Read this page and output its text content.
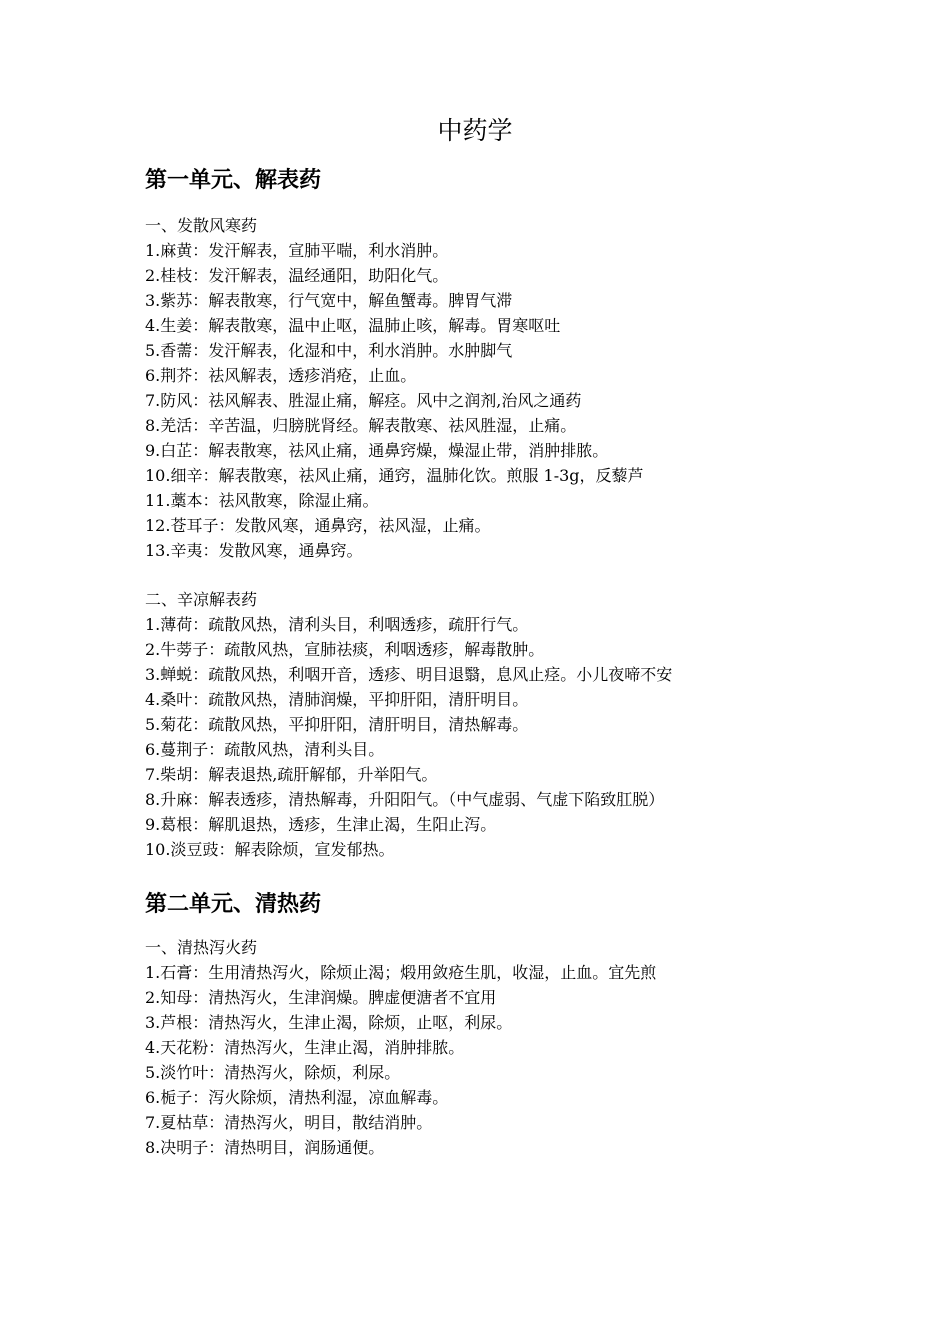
中药学
第一单元、解表药
一、发散风寒药
1.麻黄：发汗解表，宣肺平喘，利水消肿。
2.桂枝：发汗解表，温经通阳，助阳化气。
3.紫苏：解表散寒，行气宽中，解鱼蟹毒。脾胃气滞
4.生姜：解表散寒，温中止呕，温肺止咳，解毒。胃寒呕吐
5.香薷：发汗解表，化湿和中，利水消肿。水肿脚气
6.荆芥：祛风解表，透疹消疮，止血。
7.防风：祛风解表、胜湿止痛，解痉。风中之润剂,治风之通药
8.羌活：辛苦温，归膀胱肾经。解表散寒、祛风胜湿，止痛。
9.白芷：解表散寒，祛风止痛，通鼻窍燥，燥湿止带，消肿排脓。
10.细辛：解表散寒，祛风止痛，通窍，温肺化饮。煎服 1-3g，反藜芦
11.藁本：祛风散寒，除湿止痛。
12.苍耳子：发散风寒，通鼻窍，祛风湿，止痛。
13.辛夷：发散风寒，通鼻窍。
二、辛凉解表药
1.薄荷：疏散风热，清利头目，利咽透疹，疏肝行气。
2.牛蒡子：疏散风热，宣肺祛痰，利咽透疹，解毒散肿。
3.蝉蜕：疏散风热，利咽开音，透疹、明目退翳，息风止痉。小儿夜啼不安
4.桑叶：疏散风热，清肺润燥，平抑肝阳，清肝明目。
5.菊花：疏散风热，平抑肝阳，清肝明目，清热解毒。
6.蔓荆子：疏散风热，清利头目。
7.柴胡：解表退热,疏肝解郁，升举阳气。
8.升麻：解表透疹，清热解毒，升阳阳气。（中气虚弱、气虚下陷致肛脱）
9.葛根：解肌退热，透疹，生津止渴，生阳止泻。
10.淡豆豉：解表除烦，宣发郁热。
第二单元、清热药
一、清热泻火药
1.石膏：生用清热泻火，除烦止渴；煅用敛疮生肌，收湿，止血。宜先煎
2.知母：清热泻火，生津润燥。脾虚便溏者不宜用
3.芦根：清热泻火，生津止渴，除烦，止呕，利尿。
4.天花粉：清热泻火，生津止渴，消肿排脓。
5.淡竹叶：清热泻火，除烦，利尿。
6.栀子：泻火除烦，清热利湿，凉血解毒。
7.夏枯草：清热泻火，明目，散结消肿。
8.决明子：清热明目，润肠通便。
